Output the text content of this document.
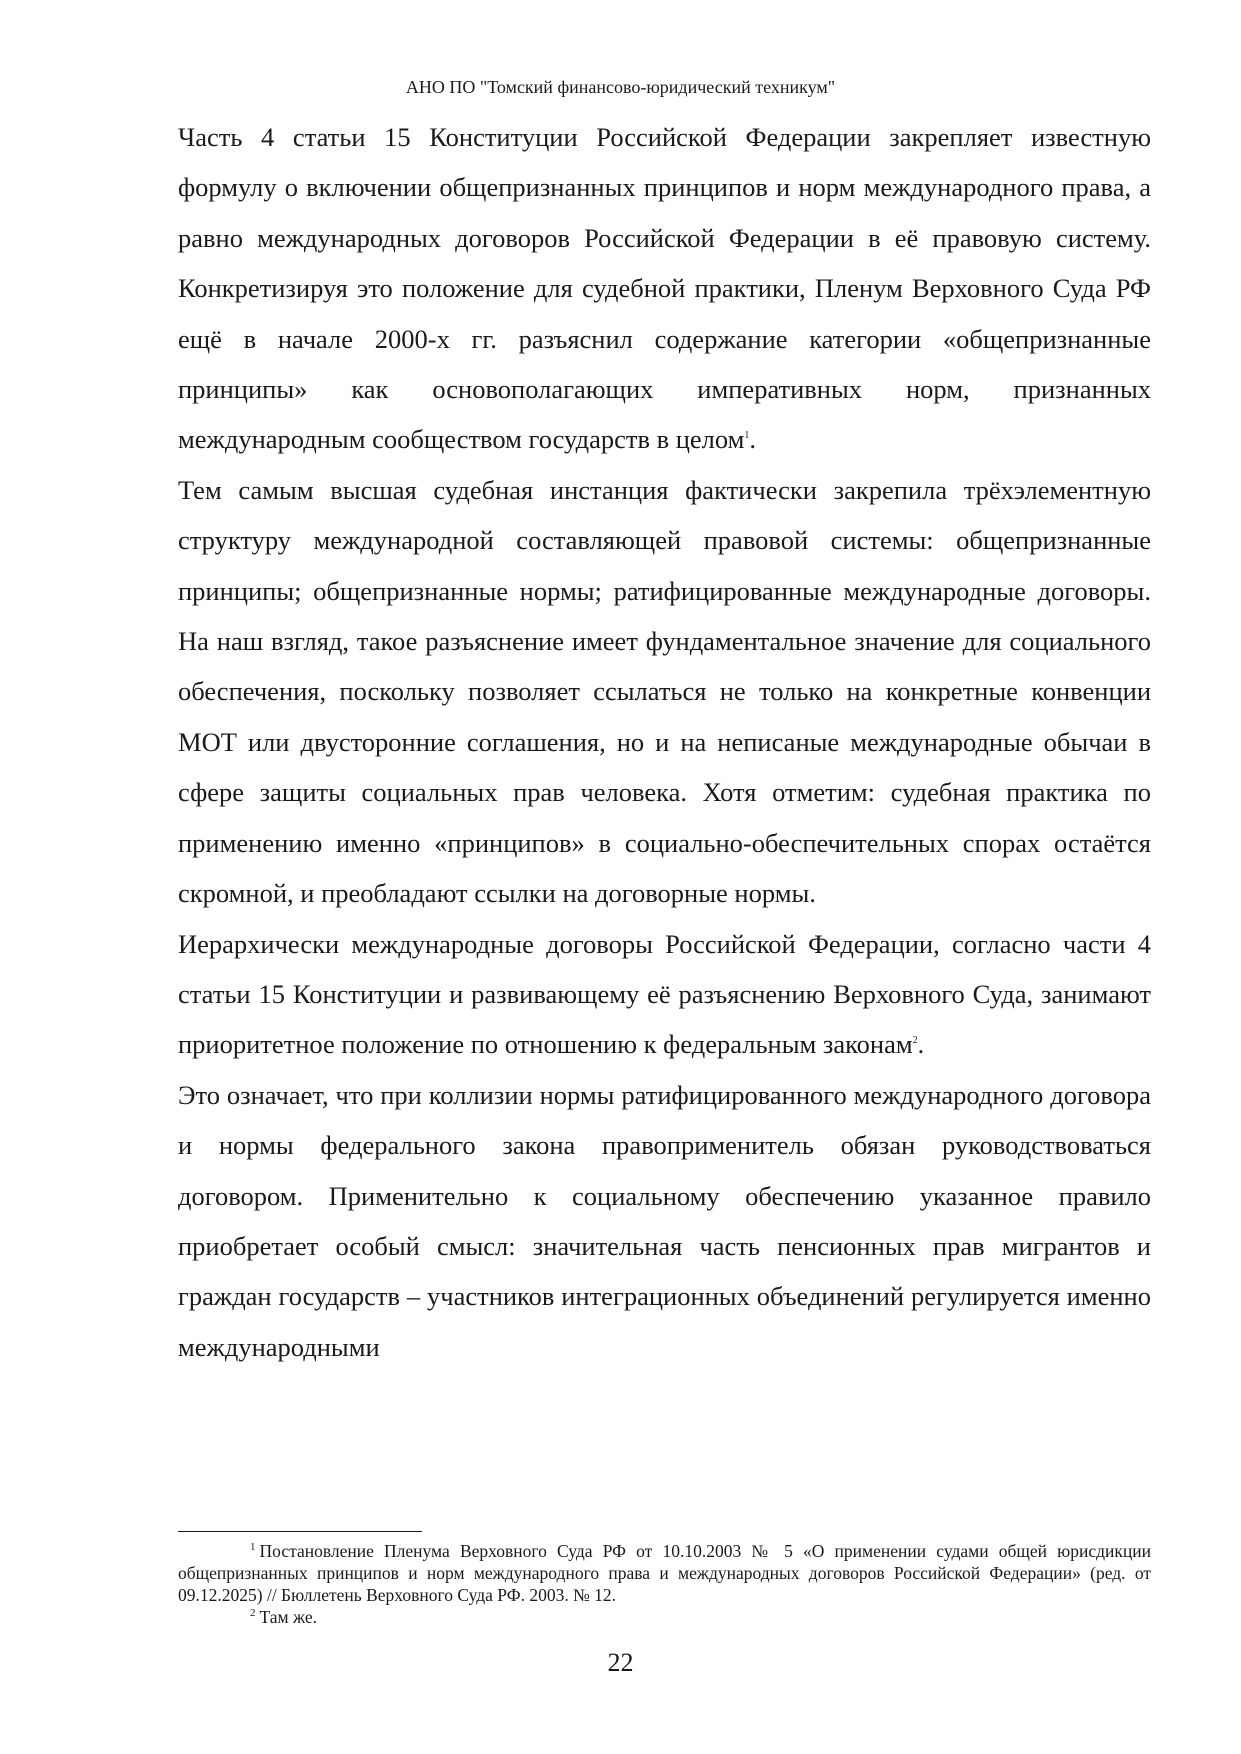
АНО ПО "Томский финансово-юридический техникум"

Часть 4 статьи 15 Конституции Российской Федерации закрепляет известную формулу о включении общепризнанных принципов и норм международного права, а равно международных договоров Российской Федерации в её правовую систему. Конкретизируя это положение для судебной практики, Пленум Верховного Суда РФ ещё в начале 2000-х гг. разъяснил содержание категории «общепризнанные принципы» как основополагающих императивных норм, признанных международным сообществом государств в целом$^1$.

Тем самым высшая судебная инстанция фактически закрепила трёхэлементную структуру международной составляющей правовой системы: общепризнанные принципы; общепризнанные нормы; ратифицированные международные договоры. На наш взгляд, такое разъяснение имеет фундаментальное значение для социального обеспечения, поскольку позволяет ссылаться не только на конкретные конвенции МОТ или двусторонние соглашения, но и на неписаные международные обычаи в сфере защиты социальных прав человека. Хотя отметим: судебная практика по применению именно «принципов» в социально-обеспечительных спорах остаётся скромной, и преобладают ссылки на договорные нормы.

Иерархически международные договоры Российской Федерации, согласно части 4 статьи 15 Конституции и развивающему её разъяснению Верховного Суда, занимают приоритетное положение по отношению к федеральным законам$^2$.

Это означает, что при коллизии нормы ратифицированного международного договора и нормы федерального закона правоприменитель обязан руководствоваться договором. Применительно к социальному обеспечению указанное правило приобретает особый смысл: значительная часть пенсионных прав мигрантов и граждан государств – участников интеграционных объединений регулируется именно международными

$^1$ Постановление Пленума Верховного Суда РФ от 10.10.2003 № 5 «О применении судами общей юрисдикции общепризнанных принципов и норм международного права и международных договоров Российской Федерации» (ред. от 09.12.2025) // Бюллетень Верховного Суда РФ. 2003. № 12.

$^2$ Там же.

22
